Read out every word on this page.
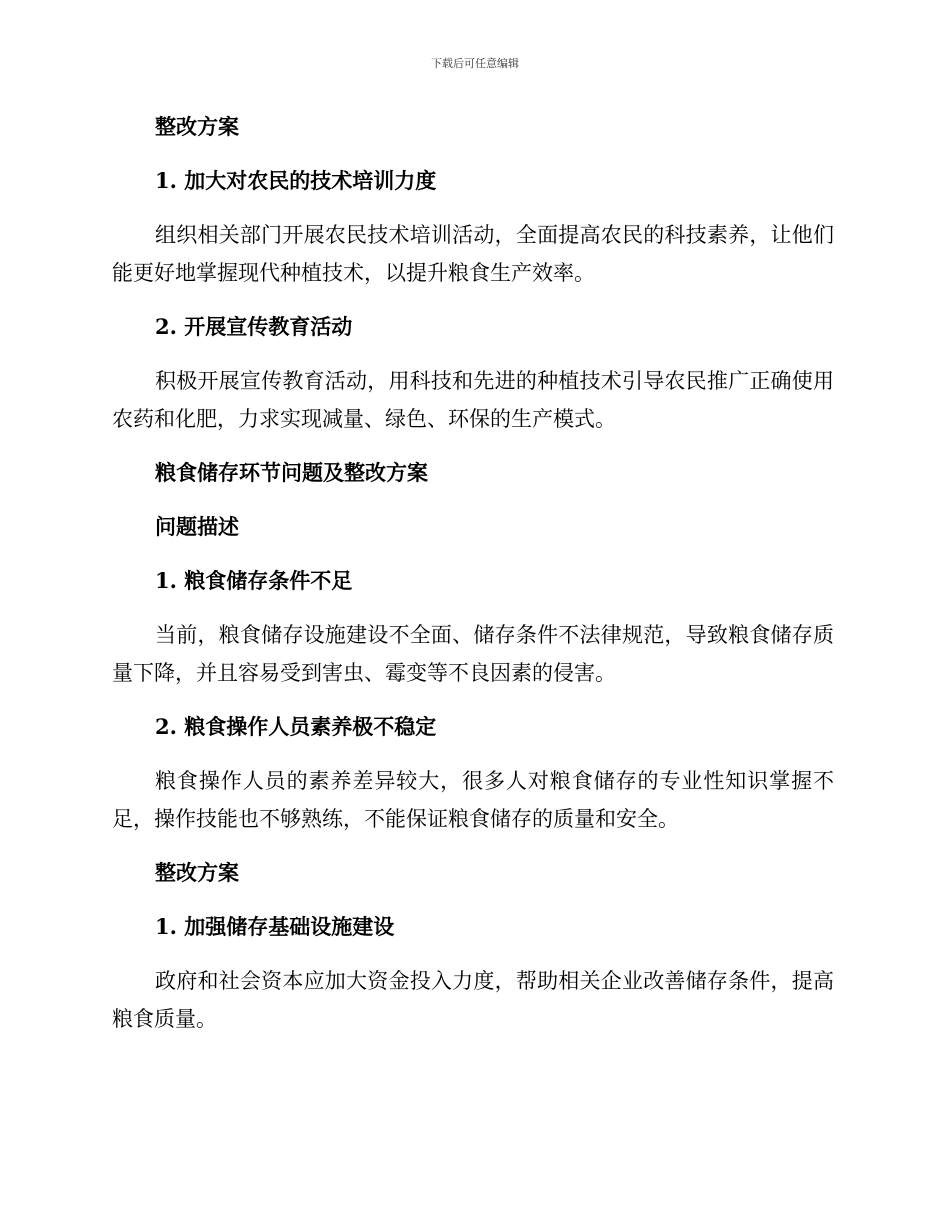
下载后可任意编辑
整改方案
1. 加大对农民的技术培训力度
组织相关部门开展农民技术培训活动，全面提高农民的科技素养，让他们能更好地掌握现代种植技术，以提升粮食生产效率。
2. 开展宣传教育活动
积极开展宣传教育活动，用科技和先进的种植技术引导农民推广正确使用农药和化肥，力求实现减量、绿色、环保的生产模式。
粮食储存环节问题及整改方案
问题描述
1. 粮食储存条件不足
当前，粮食储存设施建设不全面、储存条件不法律规范，导致粮食储存质量下降，并且容易受到害虫、霉变等不良因素的侵害。
2. 粮食操作人员素养极不稳定
粮食操作人员的素养差异较大，很多人对粮食储存的专业性知识掌握不足，操作技能也不够熟练，不能保证粮食储存的质量和安全。
整改方案
1. 加强储存基础设施建设
政府和社会资本应加大资金投入力度，帮助相关企业改善储存条件，提高粮食质量。
